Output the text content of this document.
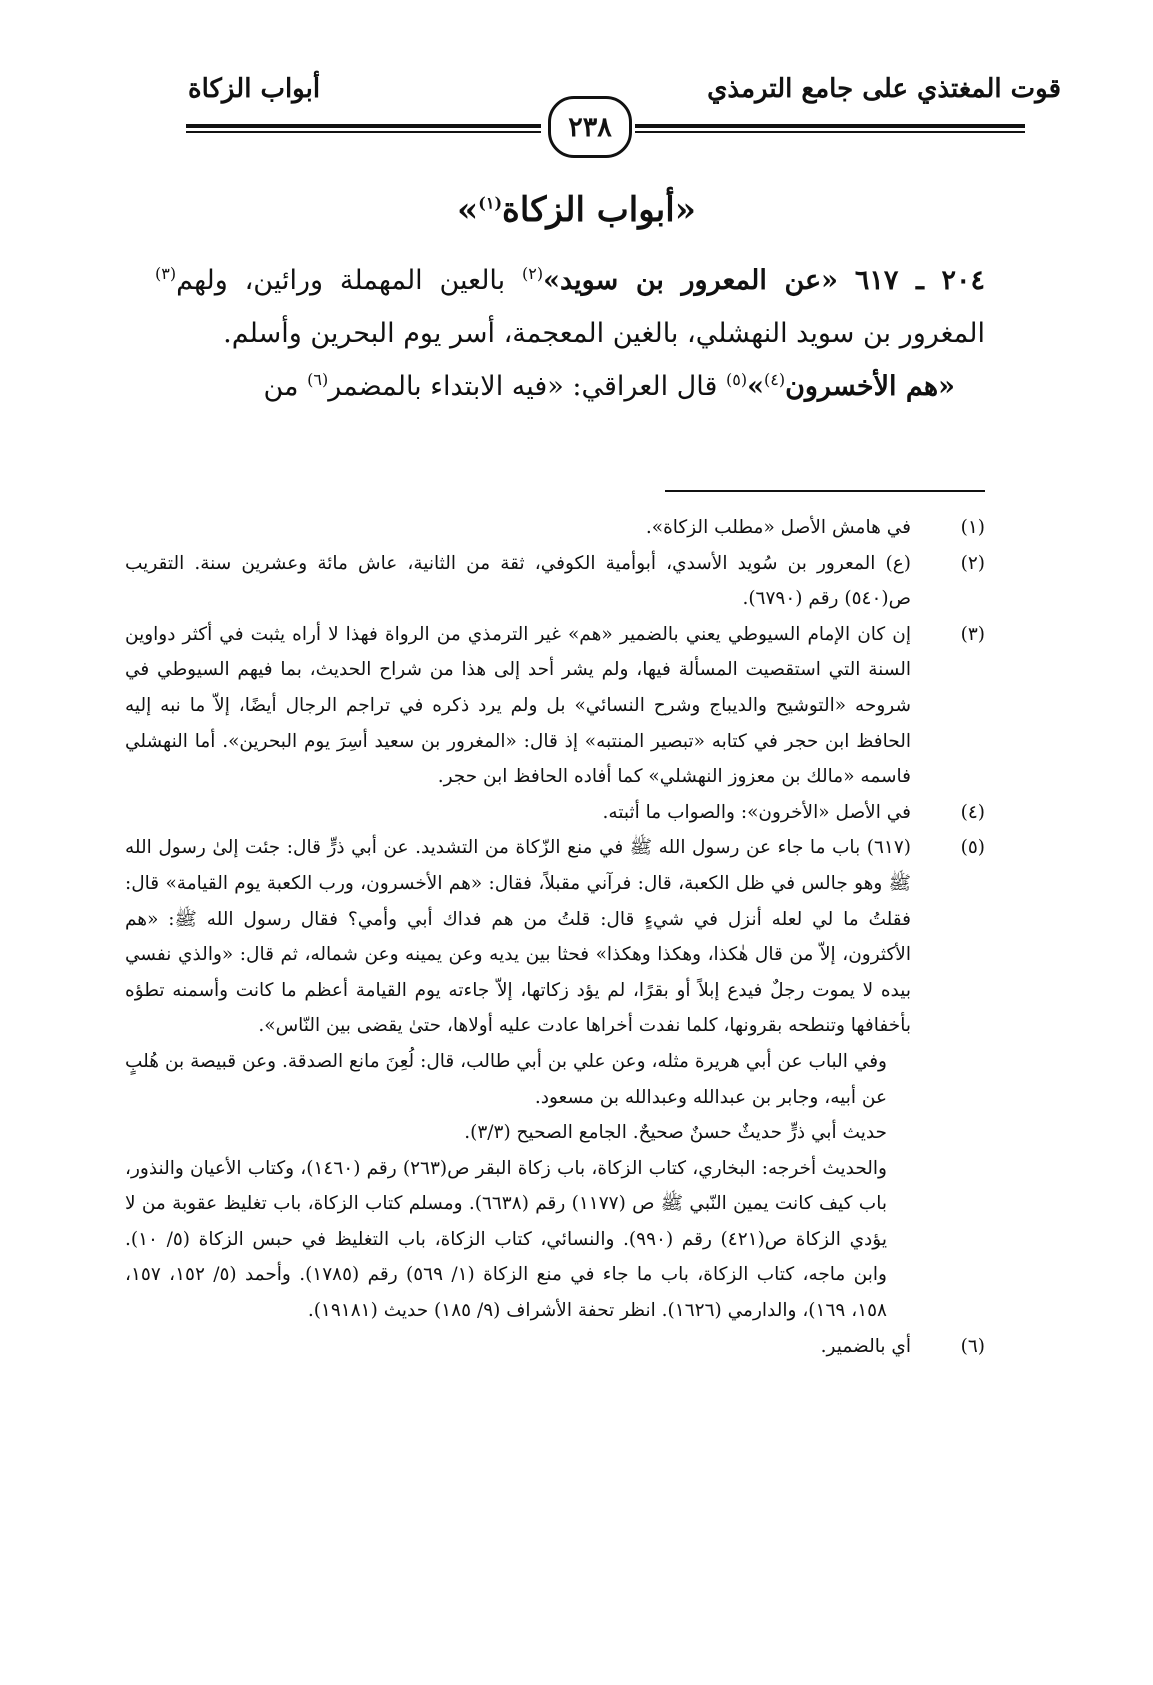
قوت المغتذي على جامع الترمذي
أبواب الزكاة
٢٣٨
«أبواب الزكاة$^{(١)}$»

٢٠٤ ـ ٦١٧ «عن المعرور بن سويد»$^{(٢)}$ بالعين المهملة ورائين، ولهم$^{(٣)}$ المغرور بن سويد النهشلي، بالغين المعجمة، أسر يوم البحرين وأسلم.

«هم الأخسرون$^{(٤)}$»$^{(٥)}$ قال العراقي: «فيه الابتداء بالمضمر$^{(٦)}$ من

(١)

في هامش الأصل «مطلب الزكاة».

(٢)

(ع) المعرور بن سُويد الأسدي، أبوأمية الكوفي، ثقة من الثانية، عاش مائة وعشرين سنة. التقريب ص(٥٤٠) رقم (٦٧٩٠).

(٣)

إن كان الإمام السيوطي يعني بالضمير «هم» غير الترمذي من الرواة فهذا لا أراه يثبت في أكثر دواوين السنة التي استقصيت المسألة فيها، ولم يشر أحد إلى هذا من شراح الحديث، بما فيهم السيوطي في شروحه «التوشيح والديباج وشرح النسائي» بل ولم يرد ذكره في تراجم الرجال أيضًا، إلاّ ما نبه إليه الحافظ ابن حجر في كتابه «تبصير المنتبه» إذ قال: «المغرور بن سعيد أسِرَ يوم البحرين». أما النهشلي فاسمه «مالك بن معزوز النهشلي» كما أفاده الحافظ ابن حجر.

(٤)

في الأصل «الأخرون»: والصواب ما أثبته.

(٥)

(٦١٧) باب ما جاء عن رسول الله ﷺ في منع الزّكاة من التشديد. عن أبي ذرٍّ قال: جئت إلىٰ رسول الله ﷺ وهو جالس في ظل الكعبة، قال: فرآني مقبلاً، فقال: «هم الأخسرون، ورب الكعبة يوم القيامة» قال: فقلتُ ما لي لعله أنزل في شيءٍ قال: قلتُ من هم فداك أبي وأمي؟ فقال رسول الله ﷺ: «هم الأكثرون، إلاّ من قال هٰكذا، وهكذا وهكذا» فحثا بين يديه وعن يمينه وعن شماله، ثم قال: «والذي نفسي بيده لا يموت رجلٌ فيدع إبلاً أو بقرًا، لم يؤد زكاتها، إلاّ جاءته يوم القيامة أعظم ما كانت وأسمنه تطؤه بأخفافها وتنطحه بقرونها، كلما نفدت أخراها عادت عليه أولاها، حتىٰ يقضى بين النّاس».

وفي الباب عن أبي هريرة مثله، وعن علي بن أبي طالب، قال: لُعِنَ مانع الصدقة. وعن قبيصة بن هُلبٍ عن أبيه، وجابر بن عبدالله وعبدالله بن مسعود.

حديث أبي ذرٍّ حديثٌ حسنٌ صحيحٌ. الجامع الصحيح (٣/٣).

والحديث أخرجه: البخاري، كتاب الزكاة، باب زكاة البقر ص(٢٦٣) رقم (١٤٦٠)، وكتاب الأعيان والنذور، باب كيف كانت يمين النّبي ﷺ ص (١١٧٧) رقم (٦٦٣٨). ومسلم كتاب الزكاة، باب تغليظ عقوبة من لا يؤدي الزكاة ص(٤٢١) رقم (٩٩٠). والنسائي، كتاب الزكاة، باب التغليظ في حبس الزكاة (٥/ ١٠). وابن ماجه، كتاب الزكاة، باب ما جاء في منع الزكاة (١/ ٥٦٩) رقم (١٧٨٥). وأحمد (٥/ ١٥٢، ١٥٧، ١٥٨، ١٦٩)، والدارمي (١٦٢٦). انظر تحفة الأشراف (٩/ ١٨٥) حديث (١٩١٨١).

(٦)

أي بالضمير.
